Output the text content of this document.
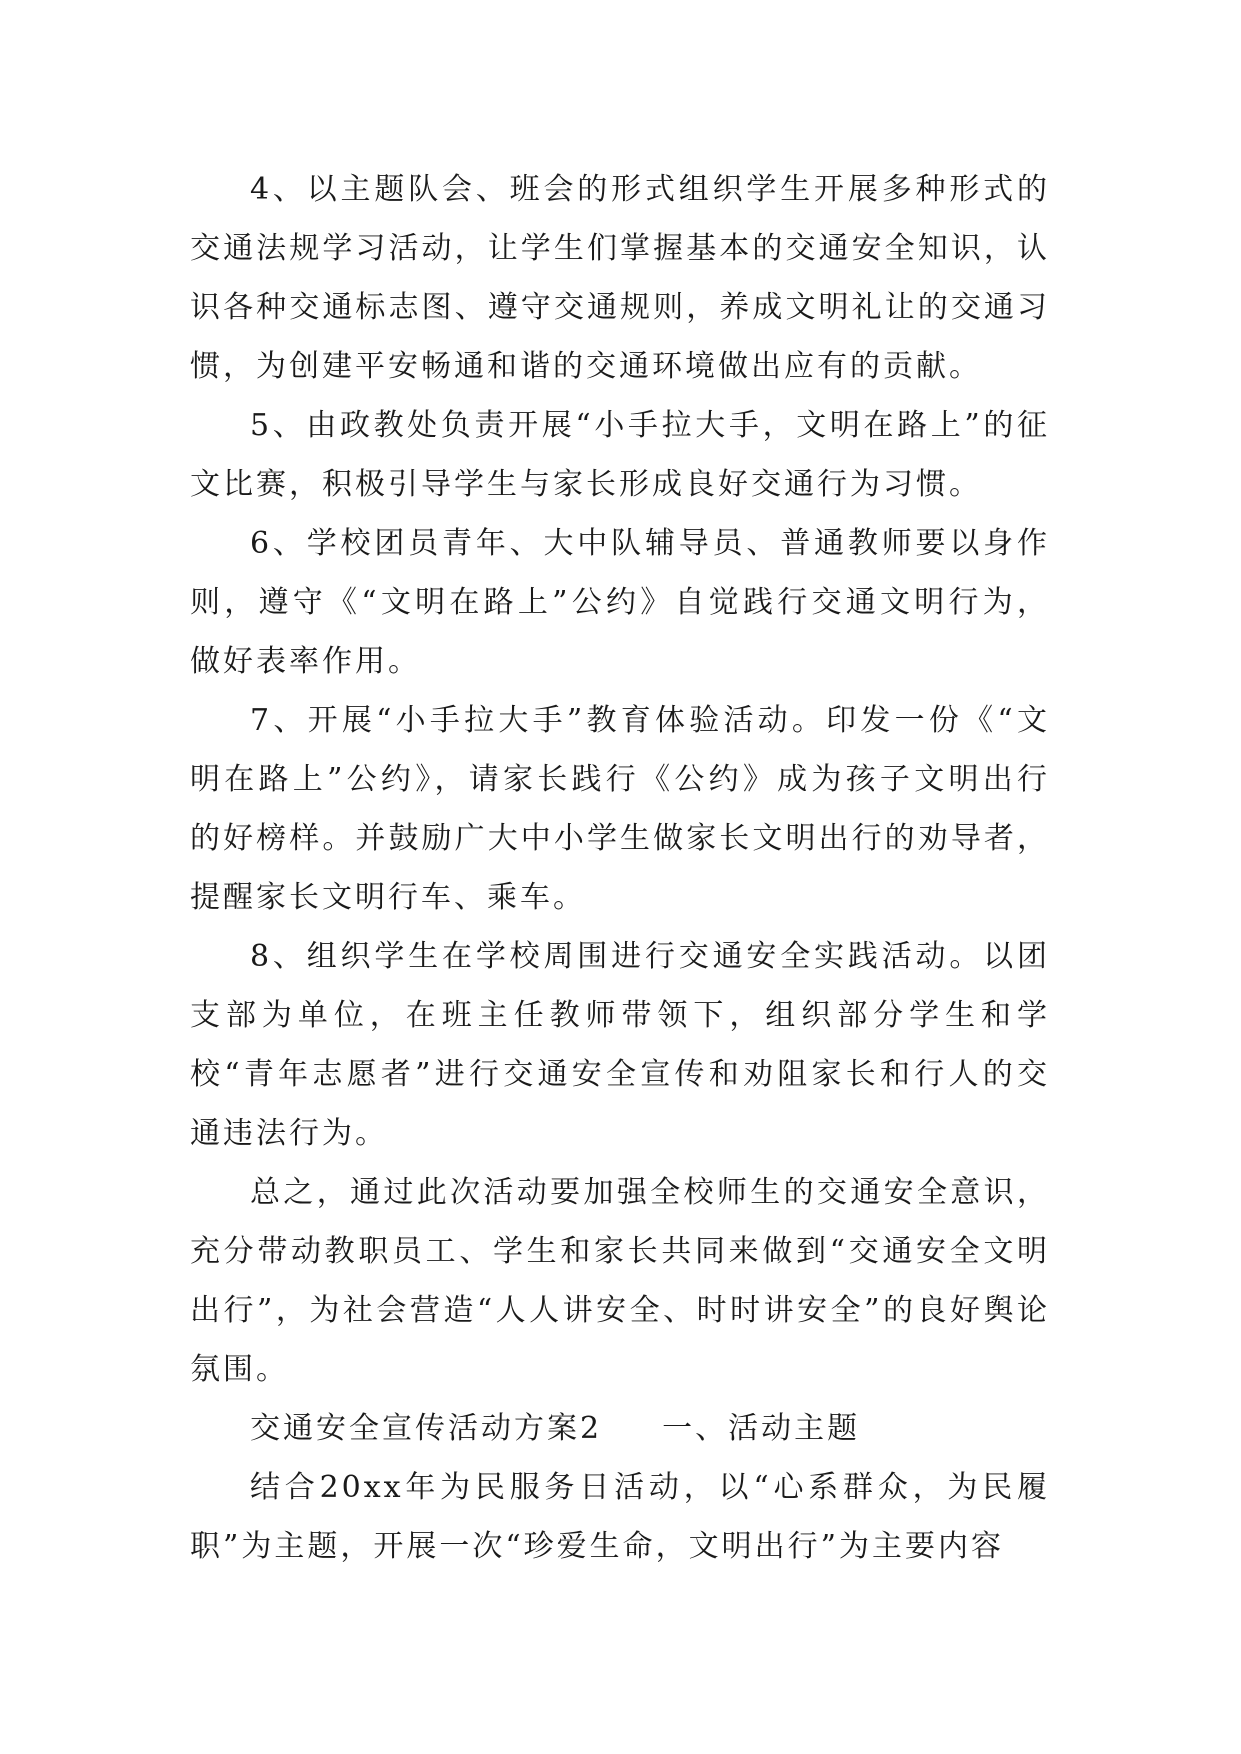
4、以主题队会、班会的形式组织学生开展多种形式的交通法规学习活动，让学生们掌握基本的交通安全知识，认识各种交通标志图、遵守交通规则，养成文明礼让的交通习惯，为创建平安畅通和谐的交通环境做出应有的贡献。

5、由政教处负责开展“小手拉大手，文明在路上”的征文比赛，积极引导学生与家长形成良好交通行为习惯。

6、学校团员青年、大中队辅导员、普通教师要以身作则，遵守《“文明在路上”公约》自觉践行交通文明行为，做好表率作用。

7、开展“小手拉大手”教育体验活动。印发一份《“文明在路上”公约》，请家长践行《公约》成为孩子文明出行的好榜样。并鼓励广大中小学生做家长文明出行的劝导者，提醒家长文明行车、乘车。

8、组织学生在学校周围进行交通安全实践活动。以团支部为单位，在班主任教师带领下，组织部分学生和学校“青年志愿者”进行交通安全宣传和劝阻家长和行人的交通违法行为。

总之，通过此次活动要加强全校师生的交通安全意识，充分带动教职员工、学生和家长共同来做到“交通安全文明出行”，为社会营造“人人讲安全、时时讲安全”的良好舆论氛围。

交通安全宣传活动方案2 一、活动主题

结合20xx年为民服务日活动，以“心系群众，为民履职”为主题，开展一次“珍爱生命，文明出行”为主要内容
